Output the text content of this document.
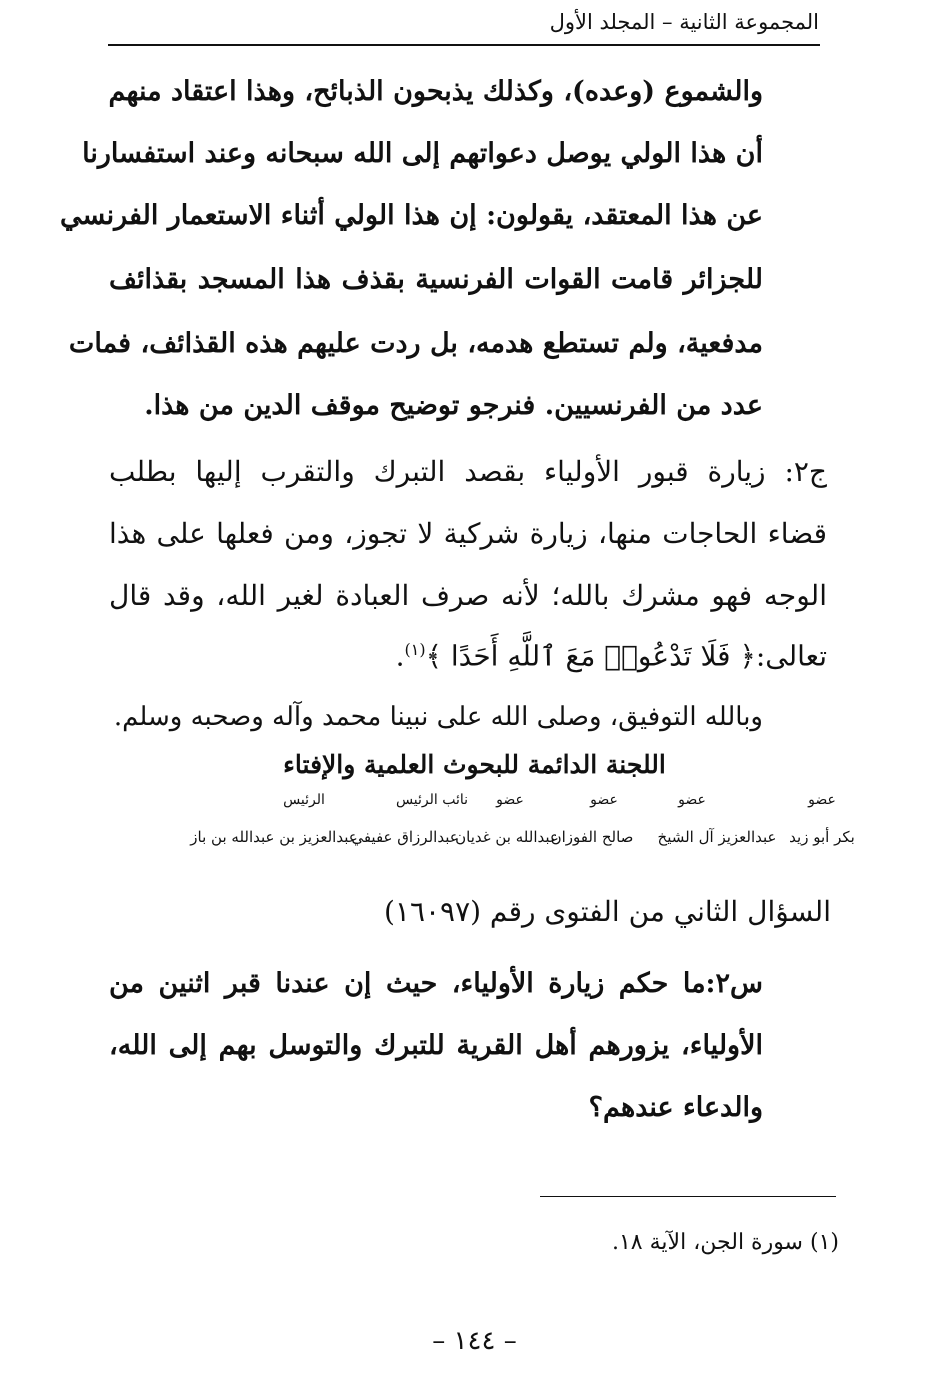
المجموعة الثانية – المجلد الأول
والشموع (وعده)، وكذلك يذبحون الذبائح، وهذا اعتقاد منهم
أن هذا الولي يوصل دعواتهم إلى الله سبحانه وعند استفسارنا
عن هذا المعتقد، يقولون: إن هذا الولي أثناء الاستعمار الفرنسي
للجزائر قامت القوات الفرنسية بقذف هذا المسجد بقذائف
مدفعية، ولم تستطع هدمه، بل ردت عليهم هذه القذائف، فمات
عدد من الفرنسيين. فنرجو توضيح موقف الدين من هذا.
ج٢: زيارة قبور الأولياء بقصد التبرك والتقرب إليها بطلب
قضاء الحاجات منها، زيارة شركية لا تجوز، ومن فعلها على هذا
الوجه فهو مشرك بالله؛ لأنه صرف العبادة لغير الله، وقد قال
تعالى:﴿ فَلَا تَدْعُوا۟ مَعَ ٱللَّهِ أَحَدًا ﴾$^{(١)}$.
وبالله التوفيق، وصلى الله على نبينا محمد وآله وصحبه وسلم.
اللجنة الدائمة للبحوث العلمية والإفتاء
عضو
عضو
عضو
عضو
نائب الرئيس
الرئيس
بكر أبو زيد
عبدالعزيز آل الشيخ
صالح الفوزان
عبدالله بن غديان
عبدالرزاق عفيفي
عبدالعزيز بن عبدالله بن باز
السؤال الثاني من الفتوى رقم (١٦٠٩٧)
س٢:ما حكم زيارة الأولياء، حيث إن عندنا قبر اثنين من
الأولياء، يزورهم أهل القرية للتبرك والتوسل بهم إلى الله،
والدعاء عندهم؟
(١) سورة الجن، الآية ١٨.
– ١٤٤ –
